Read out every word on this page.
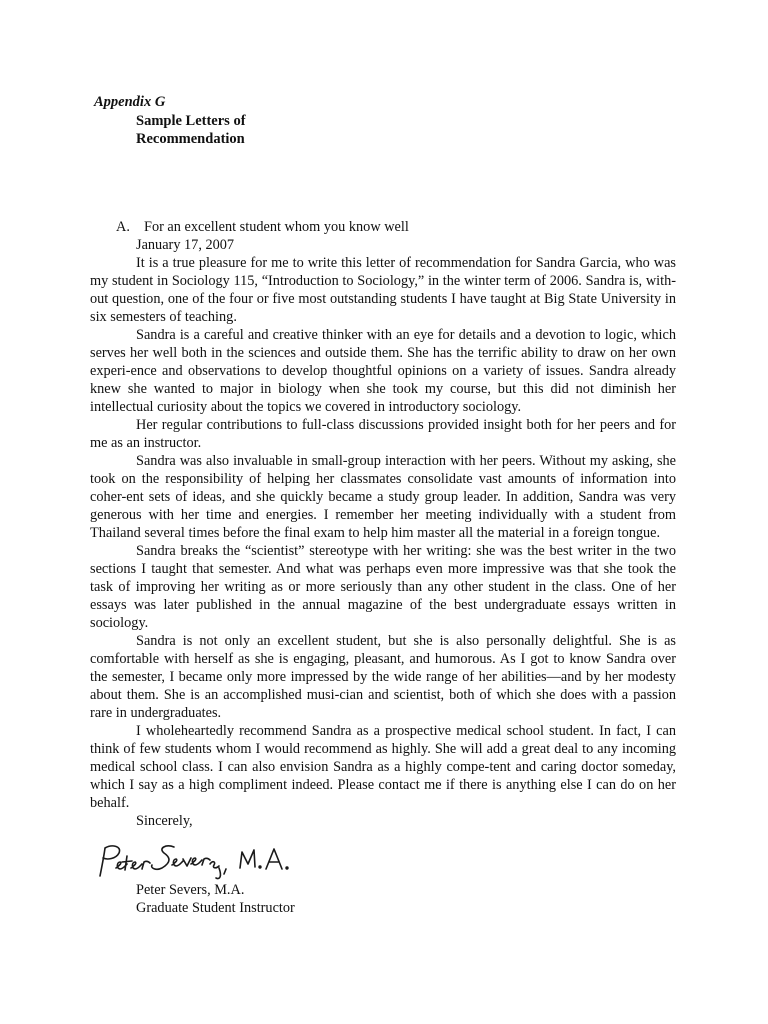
Appendix G
Sample Letters of
Recommendation
A. For an excellent student whom you know well
January 17, 2007

It is a true pleasure for me to write this letter of recommendation for Sandra Garcia, who was my student in Sociology 115, “Introduction to Sociology,” in the winter term of 2006. Sandra is, with-out question, one of the four or five most outstanding students I have taught at Big State University in six semesters of teaching.

Sandra is a careful and creative thinker with an eye for details and a devotion to logic, which serves her well both in the sciences and outside them. She has the terrific ability to draw on her own experi-ence and observations to develop thoughtful opinions on a variety of issues. Sandra already knew she wanted to major in biology when she took my course, but this did not diminish her intellectual curiosity about the topics we covered in introductory sociology.

Her regular contributions to full-class discussions provided insight both for her peers and for me as an instructor.

Sandra was also invaluable in small-group interaction with her peers. Without my asking, she took on the responsibility of helping her classmates consolidate vast amounts of information into coher-ent sets of ideas, and she quickly became a study group leader. In addition, Sandra was very generous with her time and energies. I remember her meeting individually with a student from Thailand several times before the final exam to help him master all the material in a foreign tongue.

Sandra breaks the “scientist” stereotype with her writing: she was the best writer in the two sections I taught that semester. And what was perhaps even more impressive was that she took the task of improving her writing as or more seriously than any other student in the class. One of her essays was later published in the annual magazine of the best undergraduate essays written in sociology.

Sandra is not only an excellent student, but she is also personally delightful. She is as comfortable with herself as she is engaging, pleasant, and humorous. As I got to know Sandra over the semester, I became only more impressed by the wide range of her abilities—and by her modesty about them. She is an accomplished musi-cian and scientist, both of which she does with a passion rare in undergraduates.

I wholeheartedly recommend Sandra as a prospective medical school student. In fact, I can think of few students whom I would recommend as highly. She will add a great deal to any incoming medical school class. I can also envision Sandra as a highly compe-tent and caring doctor someday, which I say as a high compliment indeed. Please contact me if there is anything else I can do on her behalf.

Sincerely,
Peter Severs, M.A.
Graduate Student Instructor
